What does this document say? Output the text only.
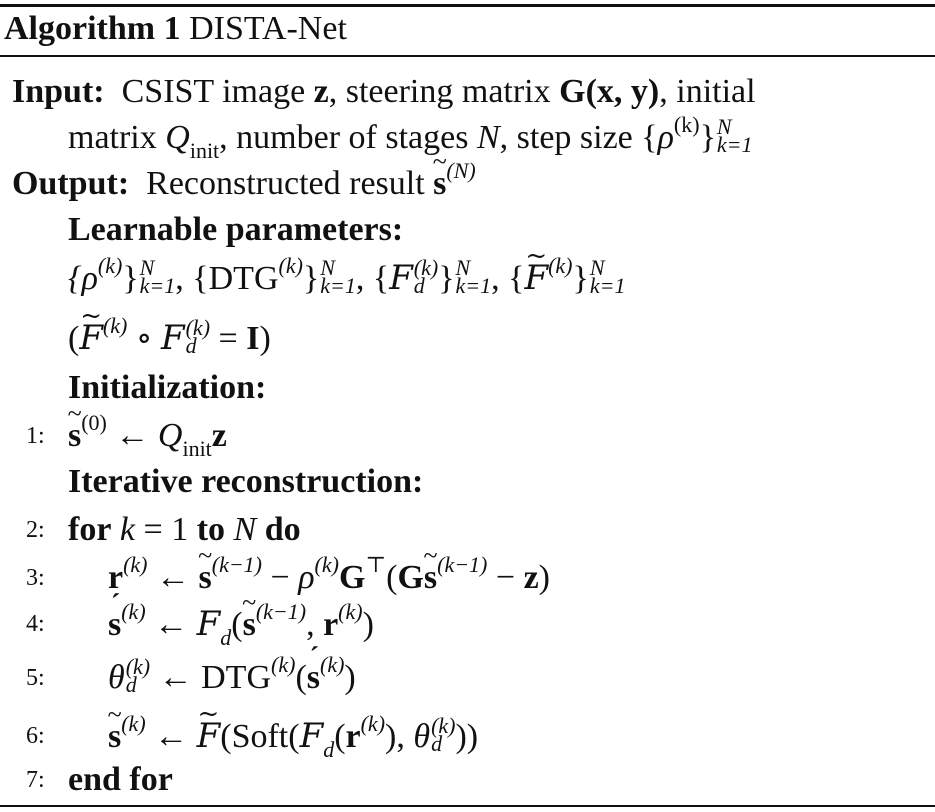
Algorithm 1 DISTA-Net
Input: CSIST image z, steering matrix G(x, y), initial
matrix $Q_{init}$, number of stages N, step size $\{\rho^{(k)}\}$ N
k=1
Output: Reconstructed result ~ $s^{(N)}$
Learnable parameters:
$\{\rho^{(k)}\}$ N
k=1 , {DTG$^{(k)}$} N
k=1 , {F (k)
d } N
k=1 , {~ $F^{(k)}$} N
k=1
(~ $F^{(k)}$ ∘ F (k)
d = I)
Initialization:
1: ~ $s^{(0)}$ ← $Q_{init}z$
Iterative reconstruction:
2: for k = 1 to N do
3: $r^{(k)}$ ← ~ $s^{(k-1)}$ − $\rho^{(k)}G^⊤(G\sim$ $s^{(k-1)} - z$)
4: ´ $s^{(k)}$ ← $F_d(\sim$ $s^{(k-1)}$, $r^{(k)}$)
5: θ (k)
d ← DTG$^{(k)}$(´ $s^{(k)}$)
6: ~ $s^{(k)}$ ← ~ $F(Soft(F_d(r^{(k)})$, θ (k)
d ))
7: end for
